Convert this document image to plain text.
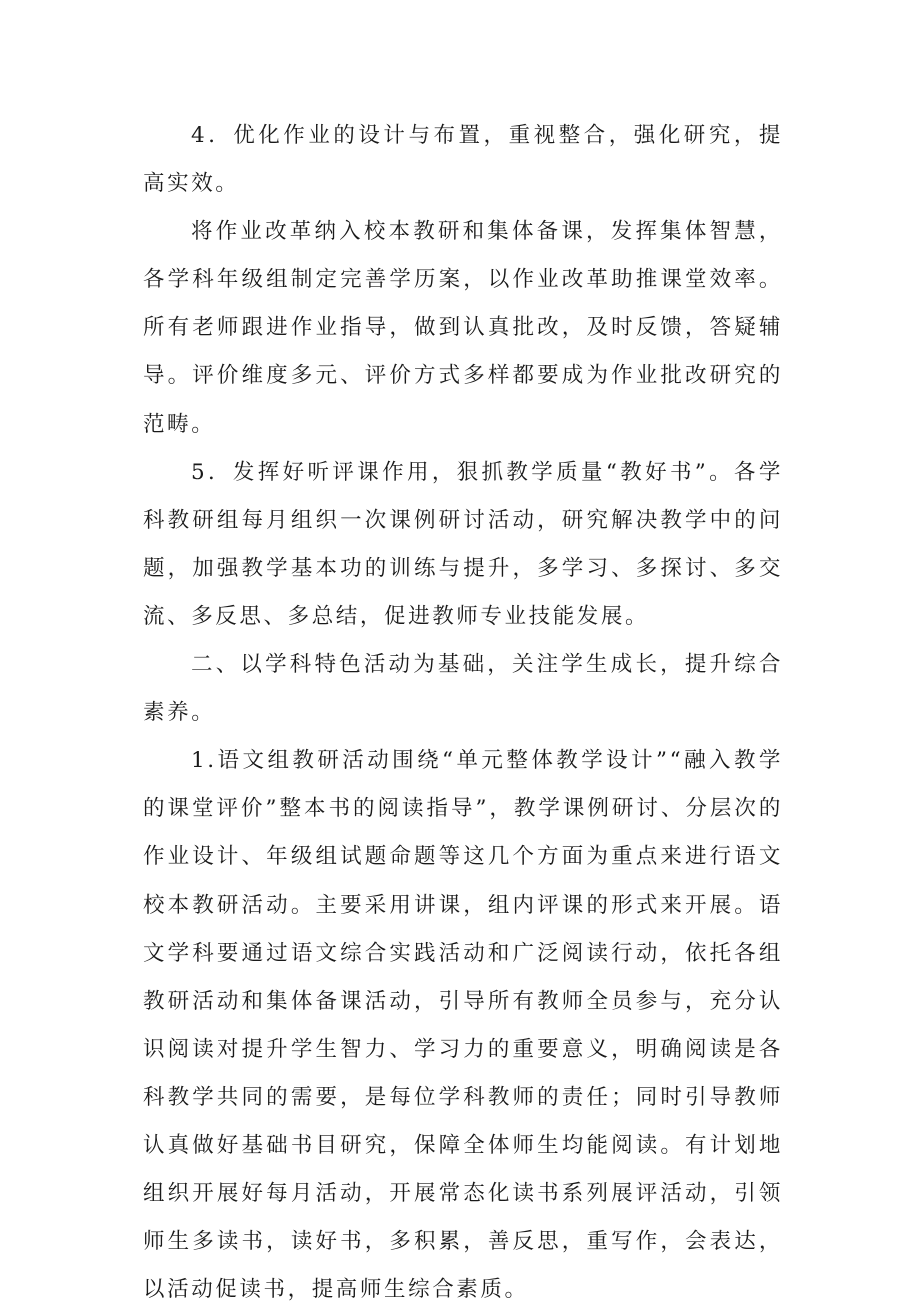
4．优化作业的设计与布置，重视整合，强化研究，提高实效。

将作业改革纳入校本教研和集体备课，发挥集体智慧，各学科年级组制定完善学历案，以作业改革助推课堂效率。所有老师跟进作业指导，做到认真批改，及时反馈，答疑辅导。评价维度多元、评价方式多样都要成为作业批改研究的范畴。

5．发挥好听评课作用，狠抓教学质量“教好书”。各学科教研组每月组织一次课例研讨活动，研究解决教学中的问题，加强教学基本功的训练与提升，多学习、多探讨、多交流、多反思、多总结，促进教师专业技能发展。

二、以学科特色活动为基础，关注学生成长，提升综合素养。

1.语文组教研活动围绕“单元整体教学设计”“融入教学的课堂评价”整本书的阅读指导”，教学课例研讨、分层次的作业设计、年级组试题命题等这几个方面为重点来进行语文校本教研活动。主要采用讲课，组内评课的形式来开展。语文学科要通过语文综合实践活动和广泛阅读行动，依托各组教研活动和集体备课活动，引导所有教师全员参与，充分认识阅读对提升学生智力、学习力的重要意义，明确阅读是各科教学共同的需要，是每位学科教师的责任；同时引导教师认真做好基础书目研究，保障全体师生均能阅读。有计划地组织开展好每月活动，开展常态化读书系列展评活动，引领师生多读书，读好书，多积累，善反思，重写作，会表达，以活动促读书，提高师生综合素质。
